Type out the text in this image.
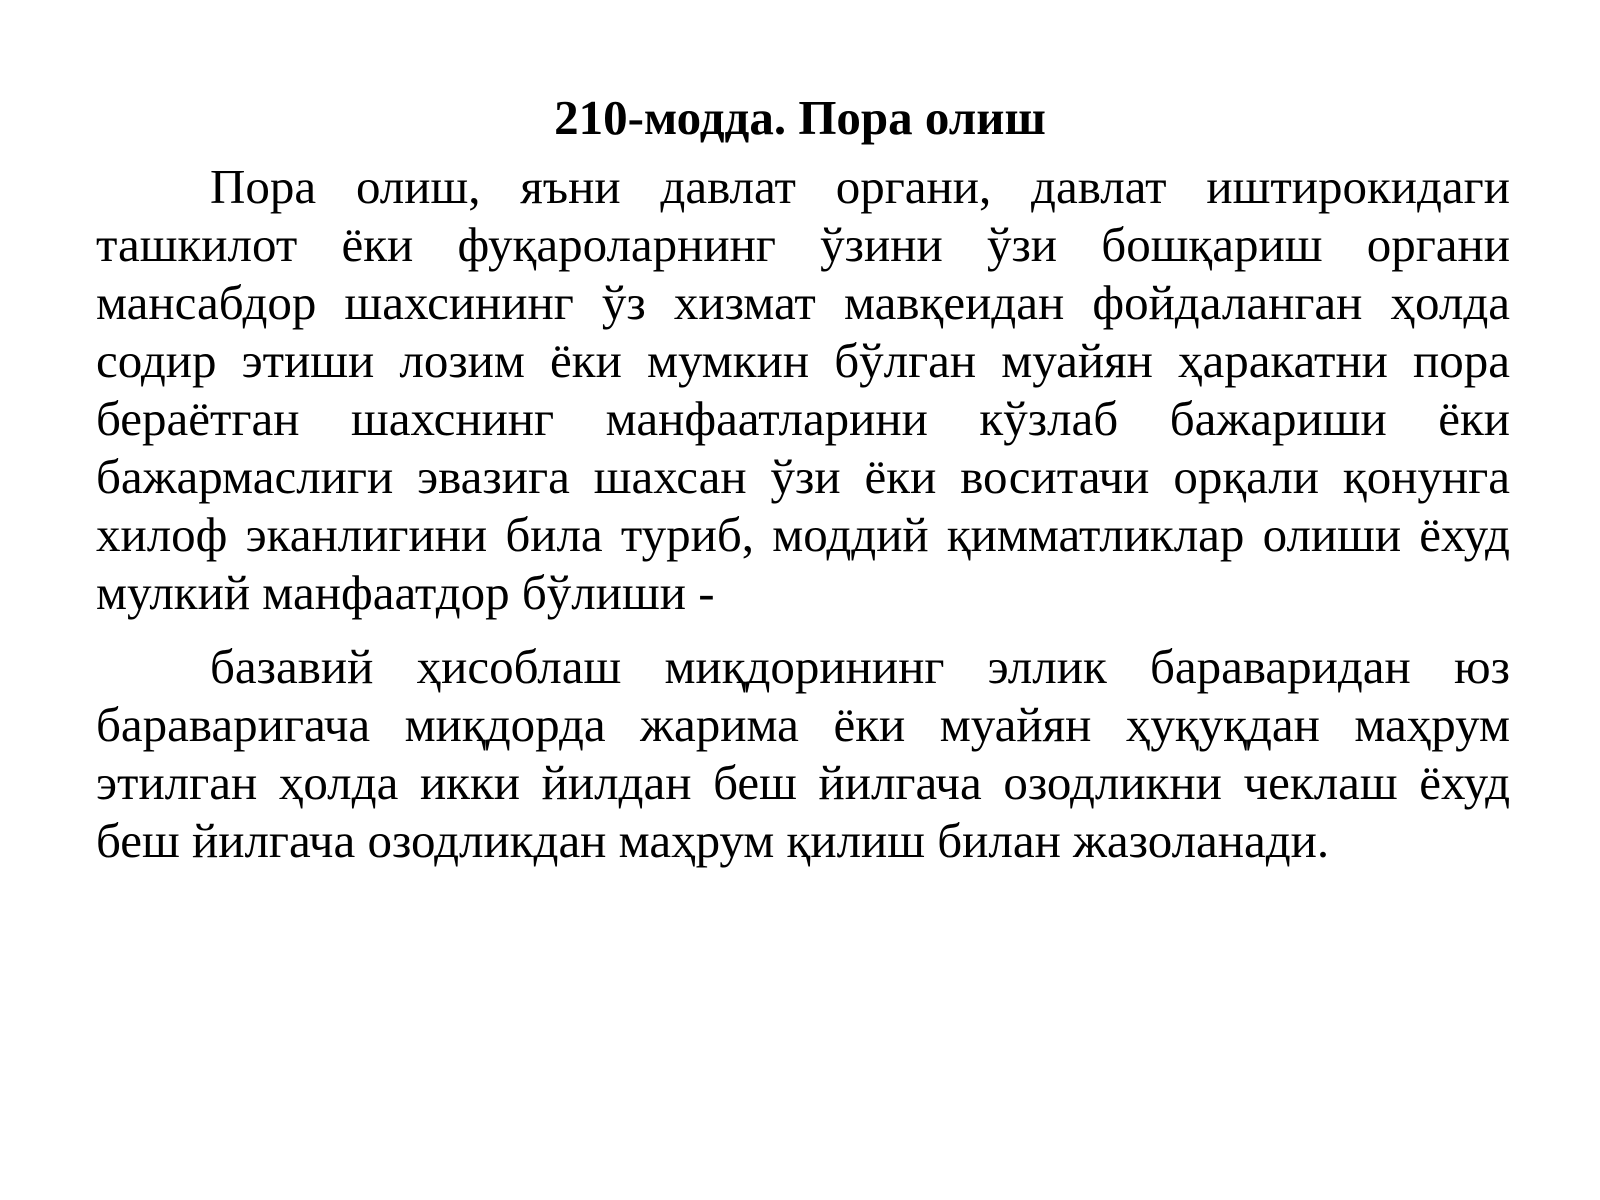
210-модда. Пора олиш

Пора олиш, яъни давлат органи, давлат иштирокидаги ташкилот ёки фуқароларнинг ўзини ўзи бошқариш органи мансабдор шахсининг ўз хизмат мавқеидан фойдаланган ҳолда содир этиши лозим ёки мумкин бўлган муайян ҳаракатни пора бераётган шахснинг манфаатларини кўзлаб бажариши ёки бажармаслиги эвазига шахсан ўзи ёки воситачи орқали қонунга хилоф эканлигини била туриб, моддий қимматликлар олиши ёхуд мулкий манфаатдор бўлиши -

базавий ҳисоблаш миқдорининг эллик бараваридан юз бараваригача миқдорда жарима ёки муайян ҳуқуқдан маҳрум этилган ҳолда икки йилдан беш йилгача озодликни чеклаш ёхуд беш йилгача озодликдан маҳрум қилиш билан жазоланади.
